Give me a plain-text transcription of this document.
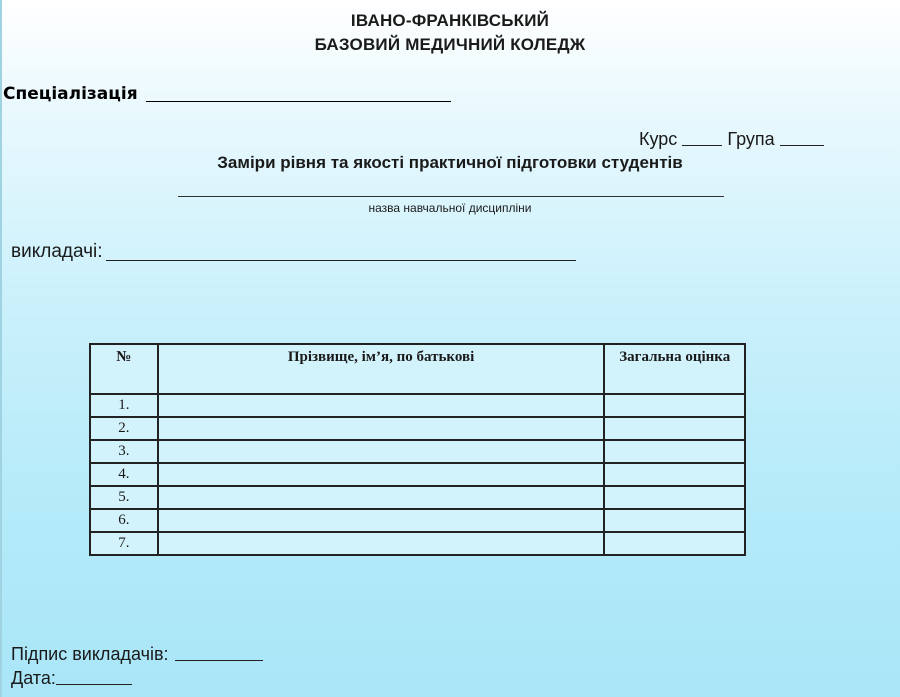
ІВАНО-ФРАНКІВСЬКИЙ
БАЗОВИЙ МЕДИЧНИЙ КОЛЕДЖ
Спеціалізація
Курс	Група
Заміри рівня та якості практичної підготовки студентів
назва навчальної дисципліни
викладачі:
№	Прізвище, ім’я, по батькові	Загальна оцінка
1.		
2.		
3.		
4.		
5.		
6.		
7.		
Підпис викладачів:
Дата:
